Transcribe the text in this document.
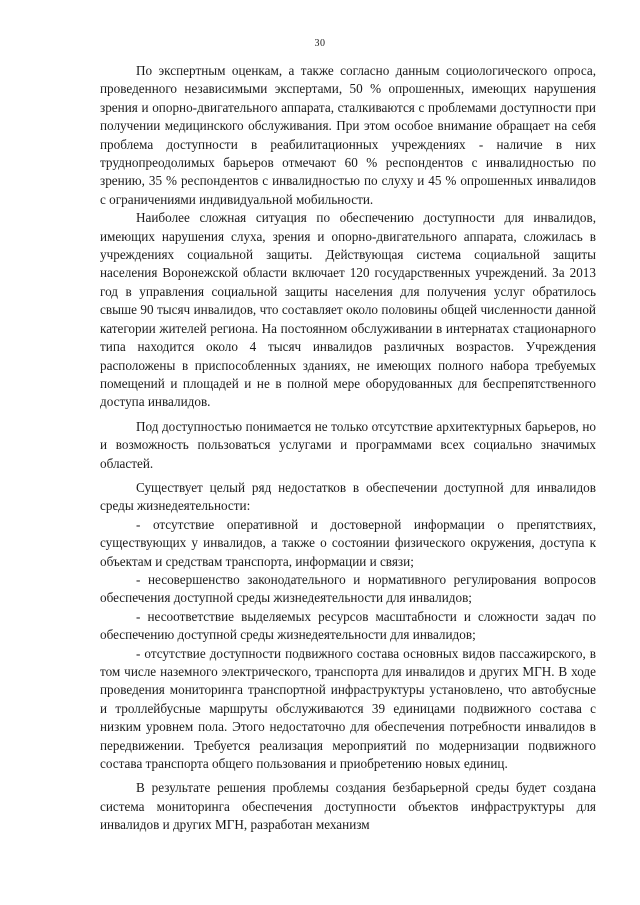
30

По экспертным оценкам, а также согласно данным социологического опроса, проведенного независимыми экспертами, 50 % опрошенных, имеющих нарушения зрения и опорно-двигательного аппарата, сталкиваются с проблемами доступности при получении медицинского обслуживания. При этом особое внимание обращает на себя проблема доступности в реабилитационных учреждениях - наличие в них труднопреодолимых барьеров отмечают 60 % респондентов с инвалидностью по зрению, 35 % респондентов с инвалидностью по слуху и 45 % опрошенных инвалидов с ограничениями индивидуальной мобильности.

Наиболее сложная ситуация по обеспечению доступности для инвалидов, имеющих нарушения слуха, зрения и опорно-двигательного аппарата, сложилась в учреждениях социальной защиты. Действующая система социальной защиты населения Воронежской области включает 120 государственных учреждений. За 2013 год в управления социальной защиты населения для получения услуг обратилось свыше 90 тысяч инвалидов, что составляет около половины общей численности данной категории жителей региона. На постоянном обслуживании в интернатах стационарного типа находится около 4 тысяч инвалидов различных возрастов. Учреждения расположены в приспособленных зданиях, не имеющих полного набора требуемых помещений и площадей и не в полной мере оборудованных для беспрепятственного доступа инвалидов.

Под доступностью понимается не только отсутствие архитектурных барьеров, но и возможность пользоваться услугами и программами всех социально значимых областей.

Существует целый ряд недостатков в обеспечении доступной для инвалидов среды жизнедеятельности:

- отсутствие оперативной и достоверной информации о препятствиях, существующих у инвалидов, а также о состоянии физического окружения, доступа к объектам и средствам транспорта, информации и связи;

- несовершенство законодательного и нормативного регулирования вопросов обеспечения доступной среды жизнедеятельности для инвалидов;

- несоответствие выделяемых ресурсов масштабности и сложности задач по обеспечению доступной среды жизнедеятельности для инвалидов;

- отсутствие доступности подвижного состава основных видов пассажирского, в том числе наземного электрического, транспорта для инвалидов и других МГН. В ходе проведения мониторинга транспортной инфраструктуры установлено, что автобусные и троллейбусные маршруты обслуживаются 39 единицами подвижного состава с низким уровнем пола. Этого недостаточно для обеспечения потребности инвалидов в передвижении. Требуется реализация мероприятий по модернизации подвижного состава транспорта общего пользования и приобретению новых единиц.

В результате решения проблемы создания безбарьерной среды будет создана система мониторинга обеспечения доступности объектов инфраструктуры для инвалидов и других МГН, разработан механизм
